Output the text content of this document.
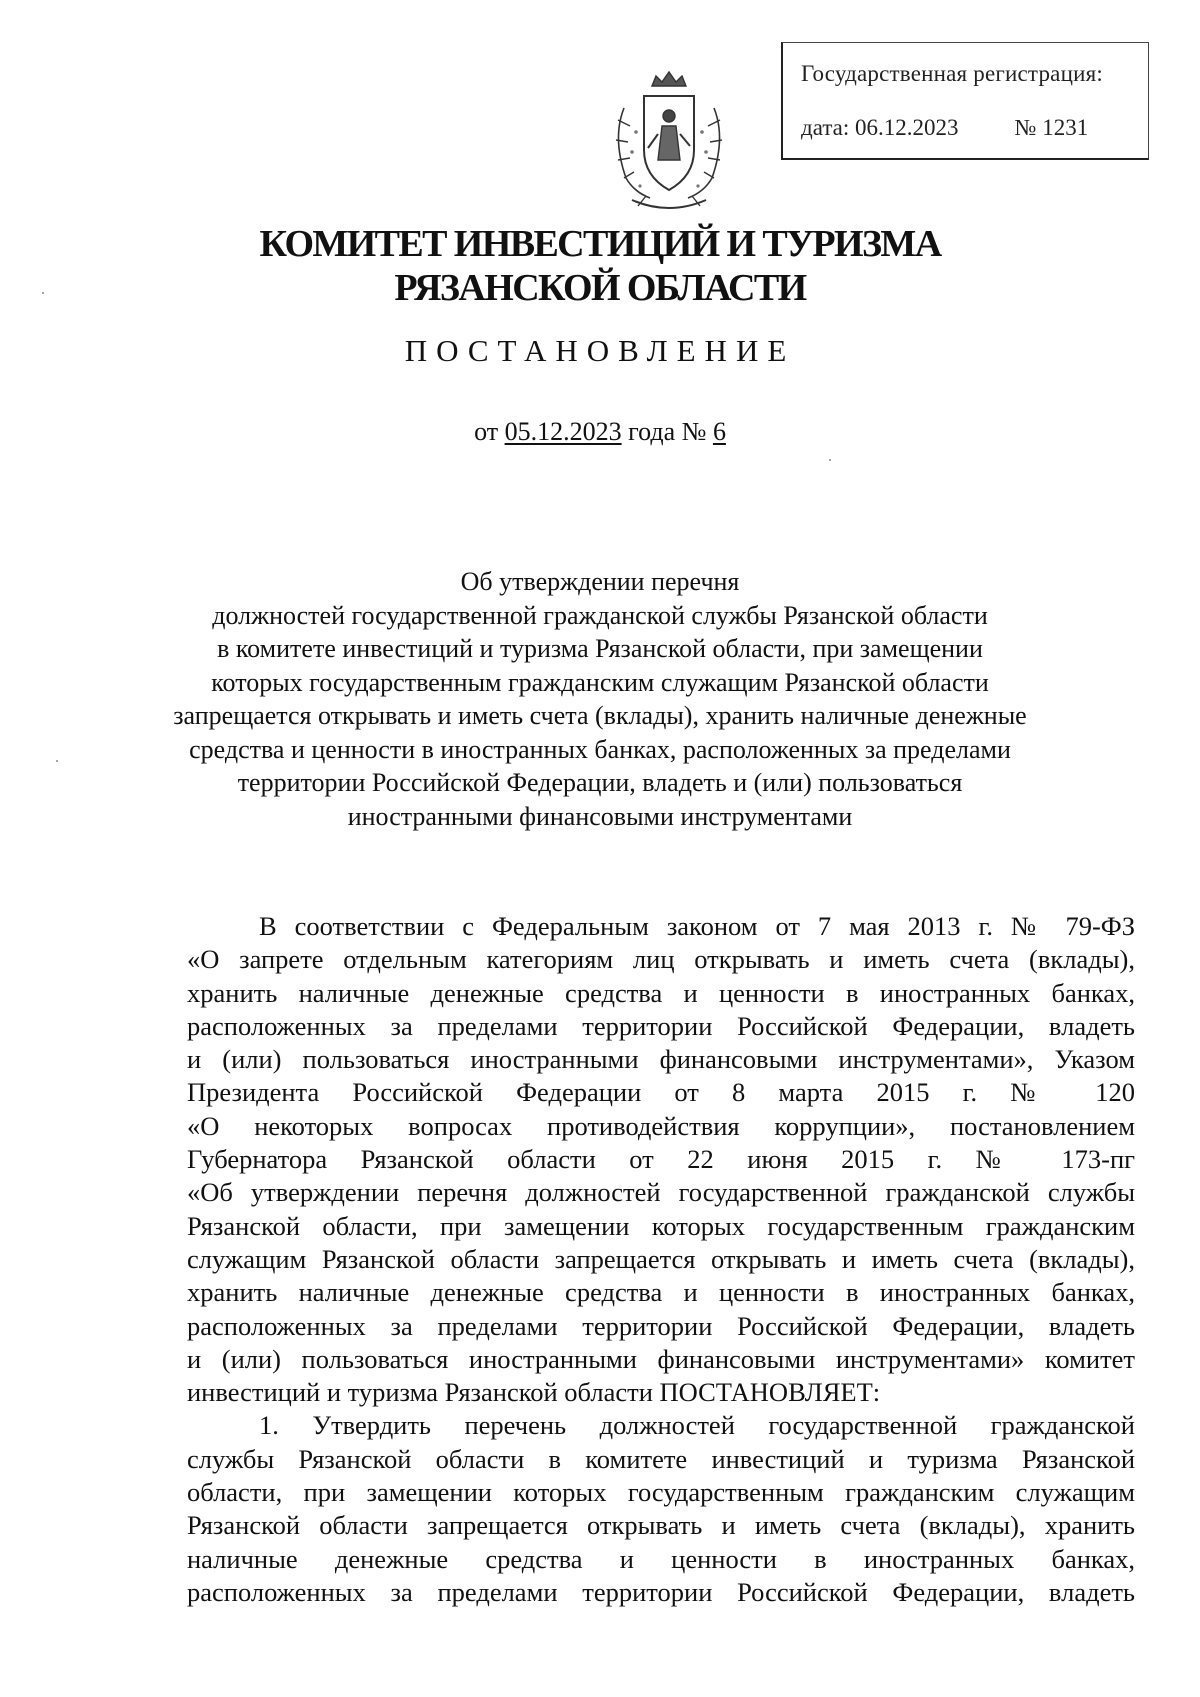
Государственная регистрация:
дата: 06.12.2023 № 1231
КОМИТЕТ ИНВЕСТИЦИЙ И ТУРИЗМА
РЯЗАНСКОЙ ОБЛАСТИ
ПОСТАНОВЛЕНИЕ
от 05.12.2023 года № 6
Об утверждении перечня
должностей государственной гражданской службы Рязанской области
в комитете инвестиций и туризма Рязанской области, при замещении
которых государственным гражданским служащим Рязанской области
запрещается открывать и иметь счета (вклады), хранить наличные денежные
средства и ценности в иностранных банках, расположенных за пределами
территории Российской Федерации, владеть и (или) пользоваться
иностранными финансовыми инструментами
В соответствии с Федеральным законом от 7 мая 2013 г. № 79-ФЗ
«О запрете отдельным категориям лиц открывать и иметь счета (вклады),
хранить наличные денежные средства и ценности в иностранных банках,
расположенных за пределами территории Российской Федерации, владеть
и (или) пользоваться иностранными финансовыми инструментами», Указом
Президента Российской Федерации от 8 марта 2015 г. № 120
«О некоторых вопросах противодействия коррупции», постановлением
Губернатора Рязанской области от 22 июня 2015 г. № 173-пг
«Об утверждении перечня должностей государственной гражданской службы
Рязанской области, при замещении которых государственным гражданским
служащим Рязанской области запрещается открывать и иметь счета (вклады),
хранить наличные денежные средства и ценности в иностранных банках,
расположенных за пределами территории Российской Федерации, владеть
и (или) пользоваться иностранными финансовыми инструментами» комитет
инвестиций и туризма Рязанской области ПОСТАНОВЛЯЕТ:
1. Утвердить перечень должностей государственной гражданской
службы Рязанской области в комитете инвестиций и туризма Рязанской
области, при замещении которых государственным гражданским служащим
Рязанской области запрещается открывать и иметь счета (вклады), хранить
наличные денежные средства и ценности в иностранных банках,
расположенных за пределами территории Российской Федерации, владеть
